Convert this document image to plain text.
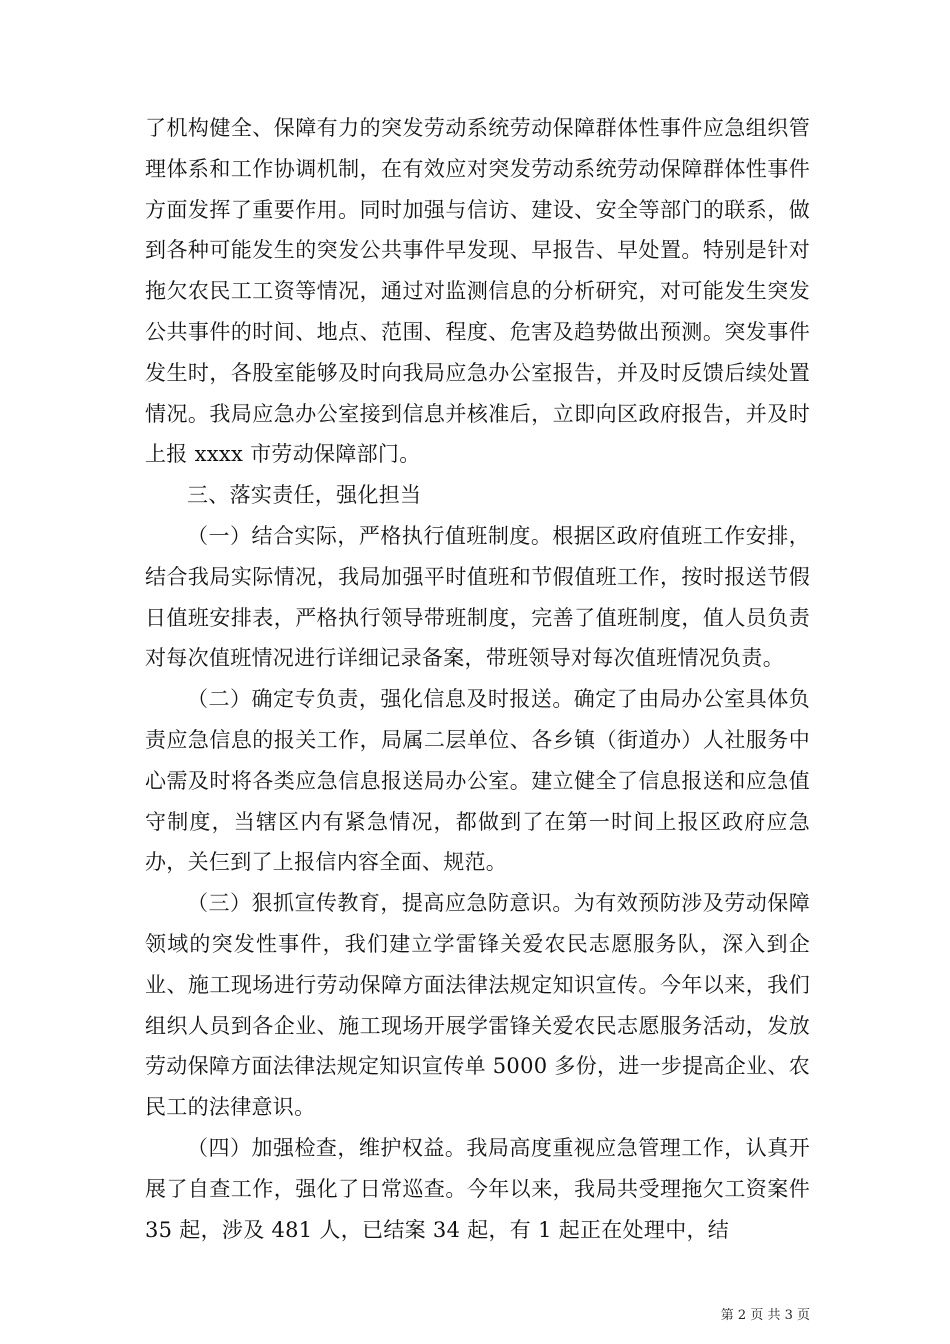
了机构健全、保障有力的突发劳动系统劳动保障群体性事件应急组织管理体系和工作协调机制，在有效应对突发劳动系统劳动保障群体性事件方面发挥了重要作用。同时加强与信访、建设、安全等部门的联系，做到各种可能发生的突发公共事件早发现、早报告、早处置。特别是针对拖欠农民工工资等情况，通过对监测信息的分析研究，对可能发生突发公共事件的时间、地点、范围、程度、危害及趋势做出预测。突发事件发生时，各股室能够及时向我局应急办公室报告，并及时反馈后续处置情况。我局应急办公室接到信息并核准后，立即向区政府报告，并及时上报 xxxx 市劳动保障部门。

三、落实责任，强化担当

（一）结合实际，严格执行值班制度。根据区政府值班工作安排，结合我局实际情况，我局加强平时值班和节假值班工作，按时报送节假日值班安排表，严格执行领导带班制度，完善了值班制度，值人员负责对每次值班情况进行详细记录备案，带班领导对每次值班情况负责。

（二）确定专负责，强化信息及时报送。确定了由局办公室具体负责应急信息的报关工作，局属二层单位、各乡镇（街道办）人社服务中心需及时将各类应急信息报送局办公室。建立健全了信息报送和应急值守制度，当辖区内有紧急情况，都做到了在第一时间上报区政府应急办，关仨到了上报信内容全面、规范。

（三）狠抓宣传教育，提高应急防意识。为有效预防涉及劳动保障领域的突发性事件，我们建立学雷锋关爱农民志愿服务队，深入到企业、施工现场进行劳动保障方面法律法规定知识宣传。今年以来，我们组织人员到各企业、施工现场开展学雷锋关爱农民志愿服务活动，发放劳动保障方面法律法规定知识宣传单 5000 多份，进一步提高企业、农民工的法律意识。

（四）加强检查，维护权益。我局高度重视应急管理工作，认真开展了自查工作，强化了日常巡查。今年以来，我局共受理拖欠工资案件 35 起，涉及 481 人，已结案 34 起，有 1 起正在处理中，结

第 2 页 共 3 页
